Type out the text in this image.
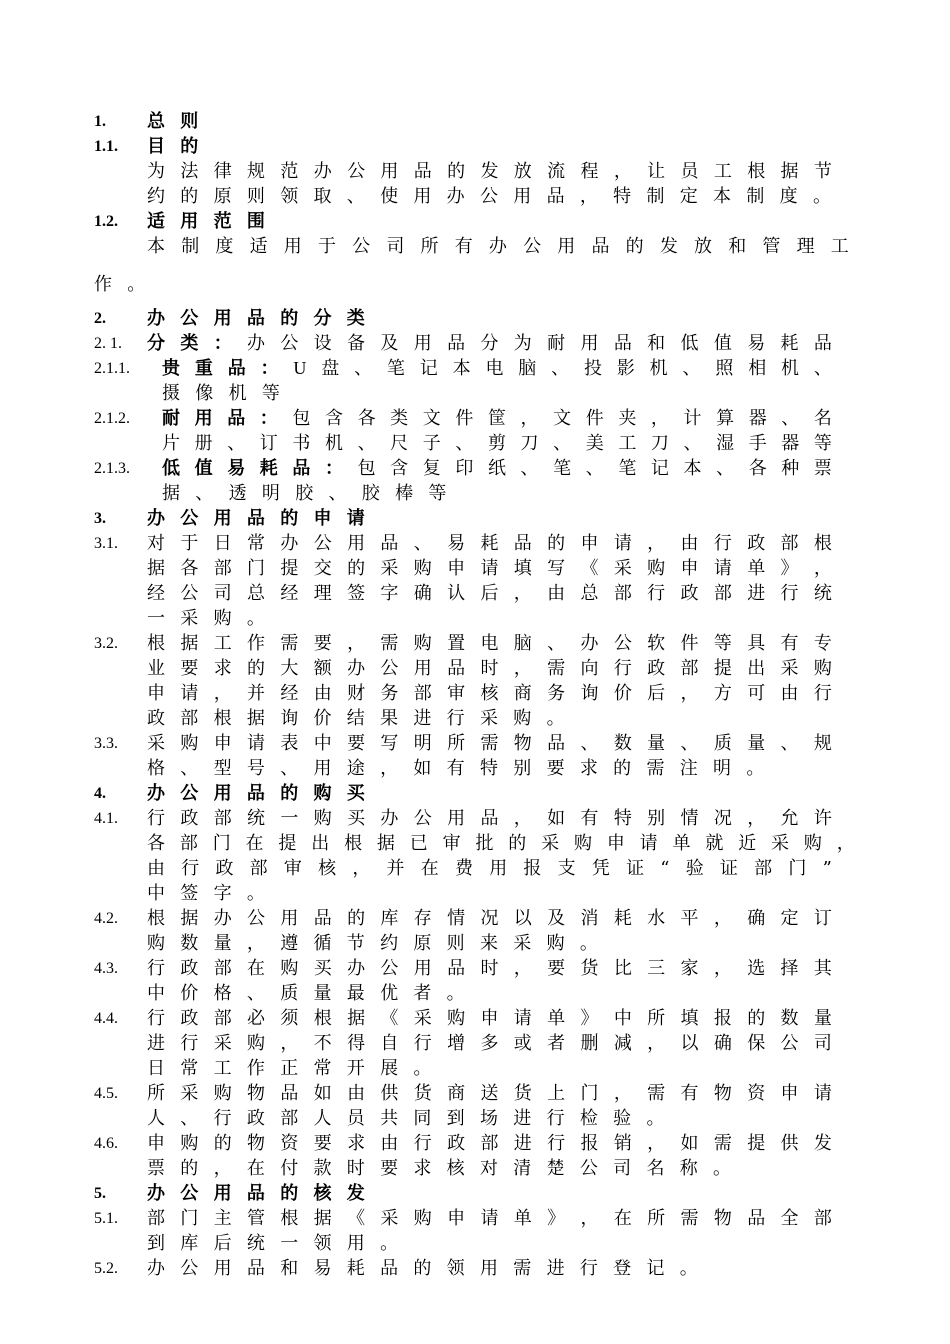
1. 总 则
1.1. 目 的
为 法 律 规 范 办 公 用 品 的 发 放 流 程 ， 让 员 工 根 据 节
约 的 原 则 领 取 、 使 用 办 公 用 品 ， 特 制 定 本 制 度 。
1.2. 适 用 范 围
本 制 度 适 用 于 公 司 所 有 办 公 用 品 的 发 放 和 管 理 工
作 。
2. 办 公 用 品 的 分 类
2. 1. 分 类 ： 办 公 设 备 及 用 品 分 为 耐 用 品 和 低 值 易 耗 品
2.1.1. 贵 重 品 ： U 盘 、 笔 记 本 电 脑 、 投 影 机 、 照 相 机 、
摄 像 机 等
2.1.2. 耐 用 品 ： 包 含 各 类 文 件 筐 ， 文 件 夹 ， 计 算 器 、 名
片 册 、 订 书 机 、 尺 子 、 剪 刀 、 美 工 刀 、 湿 手 器 等
2.1.3. 低 值 易 耗 品 ： 包 含 复 印 纸 、 笔 、 笔 记 本 、 各 种 票
据 、 透 明 胶 、 胶 棒 等
3. 办 公 用 品 的 申 请
3.1. 对 于 日 常 办 公 用 品 、 易 耗 品 的 申 请 ， 由 行 政 部 根
据 各 部 门 提 交 的 采 购 申 请 填 写 《 采 购 申 请 单 》 ，
经 公 司 总 经 理 签 字 确 认 后 ， 由 总 部 行 政 部 进 行 统
一 采 购 。
3.2. 根 据 工 作 需 要 ， 需 购 置 电 脑 、 办 公 软 件 等 具 有 专
业 要 求 的 大 额 办 公 用 品 时 ， 需 向 行 政 部 提 出 采 购
申 请 ， 并 经 由 财 务 部 审 核 商 务 询 价 后 ， 方 可 由 行
政 部 根 据 询 价 结 果 进 行 采 购 。
3.3. 采 购 申 请 表 中 要 写 明 所 需 物 品 、 数 量 、 质 量 、 规
格 、 型 号 、 用 途 ， 如 有 特 别 要 求 的 需 注 明 。
4. 办 公 用 品 的 购 买
4.1. 行 政 部 统 一 购 买 办 公 用 品 ， 如 有 特 别 情 况 ， 允 许
各 部 门 在 提 出 根 据 已 审 批 的 采 购 申 请 单 就 近 采 购 ，
由 行 政 部 审 核 ， 并 在 费 用 报 支 凭 证 “ 验 证 部 门 ”
中 签 字 。
4.2. 根 据 办 公 用 品 的 库 存 情 况 以 及 消 耗 水 平 ， 确 定 订
购 数 量 ， 遵 循 节 约 原 则 来 采 购 。
4.3. 行 政 部 在 购 买 办 公 用 品 时 ， 要 货 比 三 家 ， 选 择 其
中 价 格 、 质 量 最 优 者 。
4.4. 行 政 部 必 须 根 据 《 采 购 申 请 单 》 中 所 填 报 的 数 量
进 行 采 购 ， 不 得 自 行 增 多 或 者 删 减 ， 以 确 保 公 司
日 常 工 作 正 常 开 展 。
4.5. 所 采 购 物 品 如 由 供 货 商 送 货 上 门 ， 需 有 物 资 申 请
人 、 行 政 部 人 员 共 同 到 场 进 行 检 验 。
4.6. 申 购 的 物 资 要 求 由 行 政 部 进 行 报 销 ， 如 需 提 供 发
票 的 ， 在 付 款 时 要 求 核 对 清 楚 公 司 名 称 。
5. 办 公 用 品 的 核 发
5.1. 部 门 主 管 根 据 《 采 购 申 请 单 》 ， 在 所 需 物 品 全 部
到 库 后 统 一 领 用 。
5.2. 办 公 用 品 和 易 耗 品 的 领 用 需 进 行 登 记 。
